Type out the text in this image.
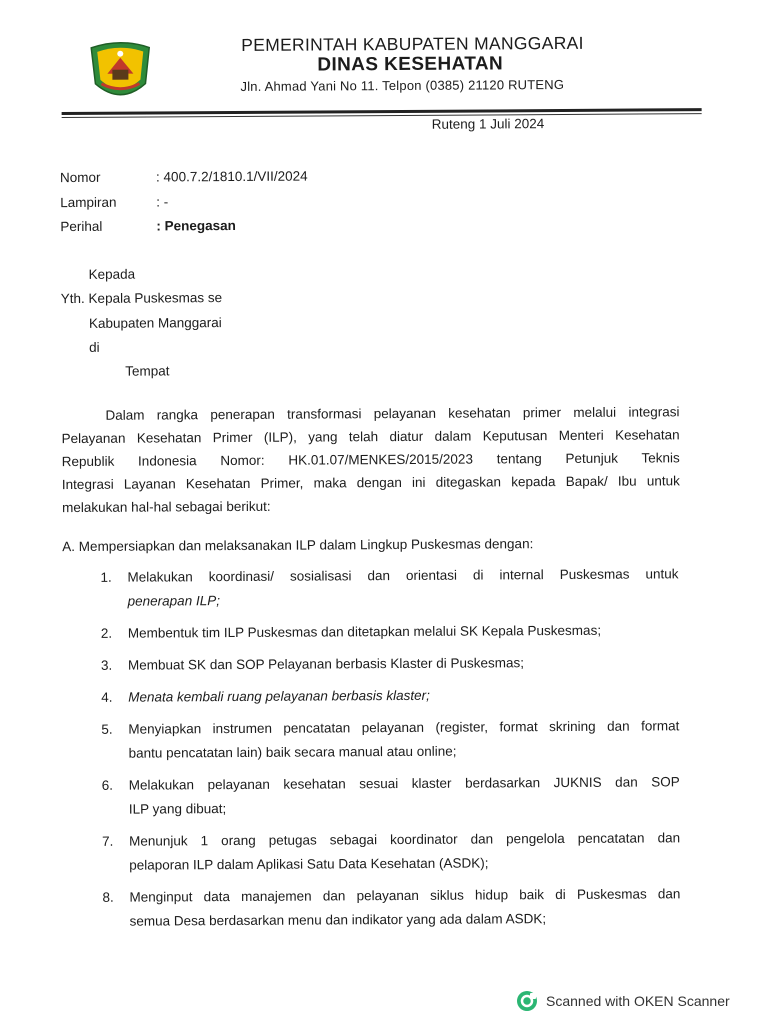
PEMERINTAH KABUPATEN MANGGARAI
DINAS KESEHATAN
Jln. Ahmad Yani No 11. Telpon (0385) 21120 RUTENG
Ruteng 1 Juli 2024
Nomor	: 400.7.2/1810.1/VII/2024
Lampiran	: -
Perihal	: Penegasan
Kepada
Yth. Kepala Puskesmas se
Kabupaten Manggarai
di
Tempat
Dalam rangka penerapan transformasi pelayanan kesehatan primer melalui integrasi
Pelayanan Kesehatan Primer (ILP), yang telah diatur dalam Keputusan Menteri Kesehatan
Republik Indonesia Nomor: HK.01.07/MENKES/2015/2023 tentang Petunjuk Teknis
Integrasi Layanan Kesehatan Primer, maka dengan ini ditegaskan kepada Bapak/ Ibu untuk
melakukan hal-hal sebagai berikut:
A. Mempersiapkan dan melaksanakan ILP dalam Lingkup Puskesmas dengan:
1.	Melakukan koordinasi/ sosialisasi dan orientasi di internal Puskesmas untuk
penerapan ILP;
2.	Membentuk tim ILP Puskesmas dan ditetapkan melalui SK Kepala Puskesmas;
3.	Membuat SK dan SOP Pelayanan berbasis Klaster di Puskesmas;
4.	Menata kembali ruang pelayanan berbasis klaster;
5.	Menyiapkan instrumen pencatatan pelayanan (register, format skrining dan format
bantu pencatatan lain) baik secara manual atau online;
6.	Melakukan pelayanan kesehatan sesuai klaster berdasarkan JUKNIS dan SOP
ILP yang dibuat;
7.	Menunjuk 1 orang petugas sebagai koordinator dan pengelola pencatatan dan
pelaporan ILP dalam Aplikasi Satu Data Kesehatan (ASDK);
8.	Menginput data manajemen dan pelayanan siklus hidup baik di Puskesmas dan
semua Desa berdasarkan menu dan indikator yang ada dalam ASDK;
Scanned with OKEN Scanner
